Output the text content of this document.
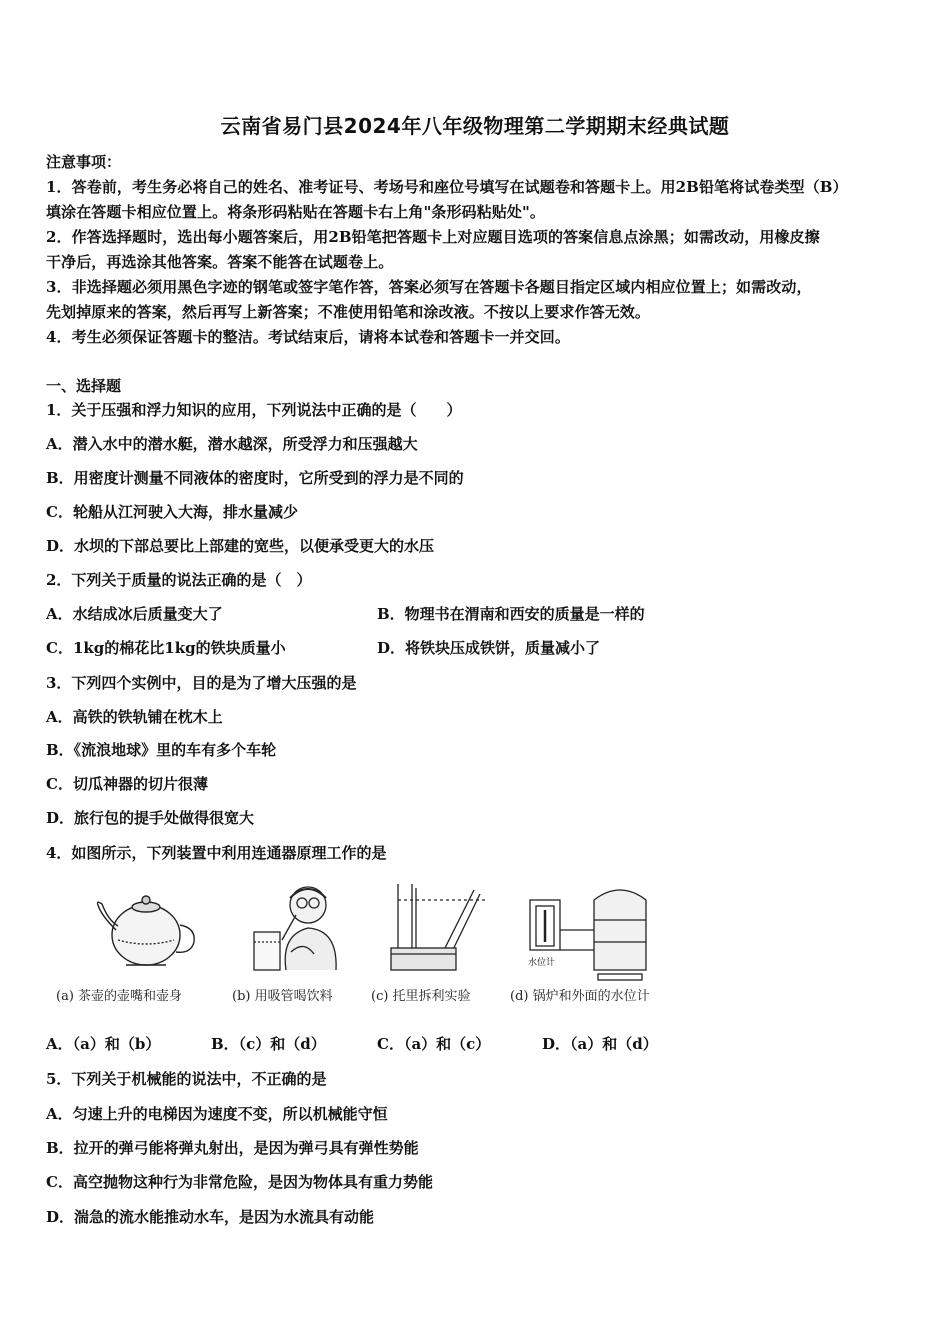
云南省易门县2024年八年级物理第二学期期末经典试题
注意事项：
1．答卷前，考生务必将自己的姓名、准考证号、考场号和座位号填写在试题卷和答题卡上。用2B铅笔将试卷类型（B）
填涂在答题卡相应位置上。将条形码粘贴在答题卡右上角"条形码粘贴处"。
2．作答选择题时，选出每小题答案后，用2B铅笔把答题卡上对应题目选项的答案信息点涂黑；如需改动，用橡皮擦
干净后，再选涂其他答案。答案不能答在试题卷上。
3．非选择题必须用黑色字迹的钢笔或签字笔作答，答案必须写在答题卡各题目指定区域内相应位置上；如需改动，
先划掉原来的答案，然后再写上新答案；不准使用铅笔和涂改液。不按以上要求作答无效。
4．考生必须保证答题卡的整洁。考试结束后，请将本试卷和答题卡一并交回。
一、选择题
1．关于压强和浮力知识的应用，下列说法中正确的是（　　）
A．潜入水中的潜水艇，潜水越深，所受浮力和压强越大
B．用密度计测量不同液体的密度时，它所受到的浮力是不同的
C．轮船从江河驶入大海，排水量减少
D．水坝的下部总要比上部建的宽些，以便承受更大的水压
2．下列关于质量的说法正确的是（　）
A．水结成冰后质量变大了	B．物理书在渭南和西安的质量是一样的
C．1kg的棉花比1kg的铁块质量小	D．将铁块压成铁饼，质量减小了
3．下列四个实例中，目的是为了增大压强的是
A．高铁的铁轨铺在枕木上
B．《流浪地球》里的车有多个车轮
C．切瓜神器的切片很薄
D．旅行包的提手处做得很宽大
4．如图所示，下列装置中利用连通器原理工作的是
水位计
(a) 茶壶的壶嘴和壶身	(b) 用吸管喝饮料	(c) 托里拆利实验	(d) 锅炉和外面的水位计
A．（a）和（b）	B．（c）和（d）	C．（a）和（c）	D．（a）和（d）
5．下列关于机械能的说法中，不正确的是
A．匀速上升的电梯因为速度不变，所以机械能守恒
B．拉开的弹弓能将弹丸射出，是因为弹弓具有弹性势能
C．高空抛物这种行为非常危险，是因为物体具有重力势能
D．湍急的流水能推动水车，是因为水流具有动能
